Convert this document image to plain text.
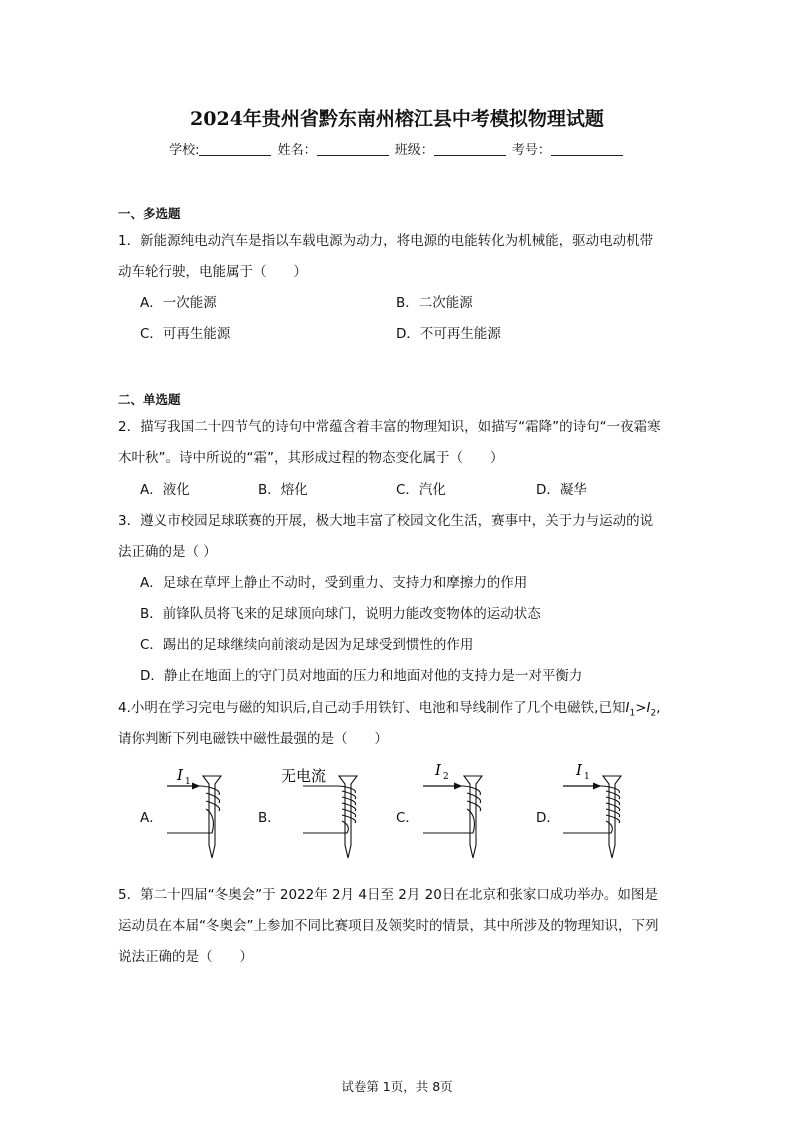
2024年贵州省黔东南州榕江县中考模拟物理试题
学校:	姓名：	班级：	考号：
一、多选题
1．新能源纯电动汽车是指以车载电源为动力，将电源的电能转化为机械能，驱动电动机带
动车轮行驶，电能属于（　　）
A．一次能源	B．二次能源
C．可再生能源	D．不可再生能源
二、单选题
2．描写我国二十四节气的诗句中常蕴含着丰富的物理知识，如描写“霜降”的诗句“一夜霜寒
木叶秋”。诗中所说的“霜”，其形成过程的物态变化属于（　　）
A．液化	B．熔化	C．汽化	D．凝华
3．遵义市校园足球联赛的开展，极大地丰富了校园文化生活，赛事中，关于力与运动的说
法正确的是（ ）
A．足球在草坪上静止不动时，受到重力、支持力和摩擦力的作用
B．前锋队员将飞来的足球顶向球门，说明力能改变物体的运动状态
C．踢出的足球继续向前滚动是因为足球受到惯性的作用
D．静止在地面上的守门员对地面的压力和地面对他的支持力是一对平衡力
4.小明在学习完电与磁的知识后,自己动手用铁钉、电池和导线制作了几个电磁铁,已知$I_1>I_2$,
请你判断下列电磁铁中磁性最强的是（　　）
A．	B．	C．	D．
I 1	无电流	I 2	I 1
5．第二十四届“冬奥会”于 2022年 2月 4日至 2月 20日在北京和张家口成功举办。如图是
运动员在本届“冬奥会”上参加不同比赛项目及领奖时的情景，其中所涉及的物理知识，下列
说法正确的是（　　）
试卷第 1页，共 8页
